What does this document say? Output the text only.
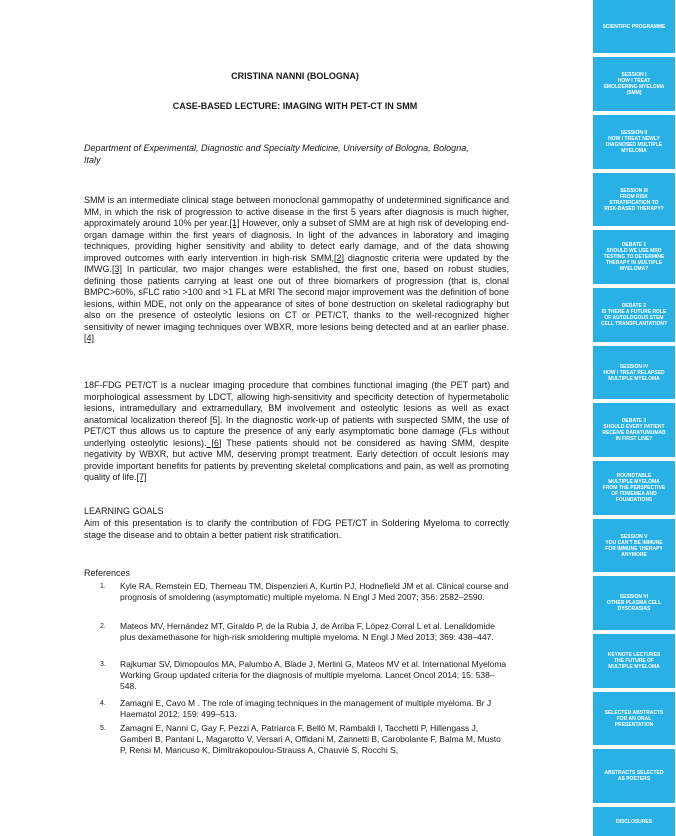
CRISTINA NANNI (BOLOGNA)
CASE-BASED LECTURE: IMAGING WITH PET-CT IN SMM
Department of Experimental, Diagnostic and Specialty Medicine, University of Bologna, Bologna, Italy
SMM is an intermediate clinical stage between monoclonal gammopathy of undetermined significance and MM, in which the risk of progression to active disease in the first 5 years after diagnosis is much higher, approximately around 10% per year.[1] However, only a subset of SMM are at high risk of developing end-organ damage within the first years of diagnosis. In light of the advances in laboratory and imaging techniques, providing higher sensitivity and ability to detect early damage, and of the data showing improved outcomes with early intervention in high-risk SMM,[2] diagnostic criteria were updated by the IMWG.[3] In particular, two major changes were established, the first one, based on robust studies, defining those patients carrying at least one out of three biomarkers of progression (that is, clonal BMPC>60%, sFLC ratio >100 and >1 FL at MRI The second major improvement was the definition of bone lesions, within MDE, not only on the appearance of sites of bone destruction on skeletal radiography but also on the presence of osteolytic lesions on CT or PET/CT, thanks to the well-recognized higher sensitivity of newer imaging techniques over WBXR, more lesions being detected and at an earlier phase.[4]
18F-FDG PET/CT is a nuclear imaging procedure that combines functional imaging (the PET part) and morphological assessment by LDCT, allowing high-sensitivity and specificity detection of hypermetabolic lesions, intramedullary and extramedullary, BM involvement and osteolytic lesions as well as exact anatomical localization thereof [5]. In the diagnostic work-up of patients with suspected SMM, the use of PET/CT thus allows us to capture the presence of any early asymptomatic bone damage (FLs without underlying osteolytic lesions). [6] These patients should not be considered as having SMM, despite negativity by WBXR, but active MM, deserving prompt treatment. Early detection of occult lesions may provide important benefits for patients by preventing skeletal complications and pain, as well as promoting quality of life.[7]
LEARNING GOALS
Aim of this presentation is to clarify the contribution of FDG PET/CT in Soldering Myeloma to correctly stage the disease and to obtain a better patient risk stratification.
References
1. Kyle RA, Remstein ED, Therneau TM, Dispenzieri A, Kurtin PJ, Hodnefield JM et al. Clinical course and prognosis of smoldering (asymptomatic) multiple myeloma. N Engl J Med 2007; 356: 2582–2590.
2. Mateos MV, Hernández MT, Giraldo P, de la Rubia J, de Arriba F, López Corral L et al. Lenalidomide plus dexamethasone for high-risk smoldering multiple myeloma. N Engl J Med 2013; 369: 438–447.
3. Rajkumar SV, Dimopoulos MA, Palumbo A, Blade J, Merlini G, Mateos MV et al. International Myeloma Working Group updated criteria for the diagnosis of multiple myeloma. Lancet Oncol 2014; 15: 538–548.
4. Zamagni E, Cavo M . The role of imaging techniques in the management of multiple myeloma. Br J Haematol 2012; 159: 499–513.
5. Zamagni E, Nanni C, Gay F, Pezzi A, Patriarca F, Bellò M, Rambaldi I, Tacchetti P, Hillengass J, Gamberi B, Pantani L, Magarotto V, Versari A, Offidani M, Zannetti B, Carobolante F, Balma M, Musto P, Rensi M, Mancuso K, Dimitrakopoulou-Strauss A, Chauviè S, Rocchi S,
SCIENTIFIC PROGRAMME
SESSION I
HOW I TREAT
SMOLDERING MYELOMA
(SMM)
SESSION II
HOW I TREAT NEWLY
DIAGNOSED MULTIPLE
MYELOMA
SESSION III
FROM RISK
STRATIFICATION TO
RISK-BASED THERAPY?
DEBATE 1
SHOULD WE USE MRD
TESTING TO DETERMINE
THERAPY IN MULTIPLE
MYELOMA?
DEBATE 2
IS THERE A FUTURE ROLE
OF AUTOLOGOUS STEM
CELL TRANSPLANTATION?
SESSION IV
HOW I TREAT RELAPSED
MULTIPLE MYELOMA
DEBATE 3
SHOULD EVERY PATIENT
RECEIVE DARATUMUMAB
IN FIRST LINE?
ROUNDTABLE
MULTIPLE MYELOMA
FROM THE PERSPECTIVE
OF FDMEMEA AND
FOUNDATIONS
SESSION V
YOU CAN'T BE IMMUNE
FOR IMMUNE THERAPY
ANYMORE
SESSION VI
OTHER PLASMA CELL
DYSCRASIAS
KEYNOTE LECTURES
THE FUTURE OF
MULTIPLE MYELOMA
SELECTED ABSTRACTS
FOR AN ORAL
PRESENTATION
ABSTRACTS SELECTED
AS POSTERS
DISCLOSURES
